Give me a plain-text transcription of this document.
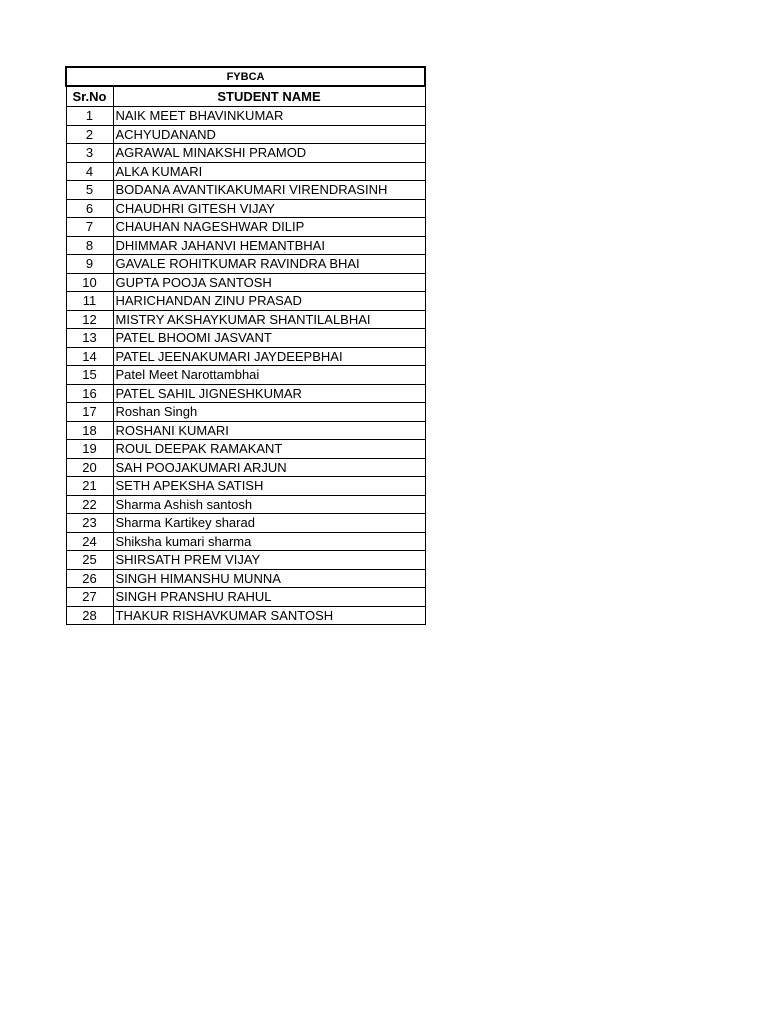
FYBCA	
Sr.No	STUDENT NAME
1	NAIK MEET BHAVINKUMAR
2	ACHYUDANAND
3	AGRAWAL MINAKSHI PRAMOD
4	ALKA KUMARI
5	BODANA AVANTIKAKUMARI VIRENDRASINH
6	CHAUDHRI GITESH VIJAY
7	CHAUHAN NAGESHWAR DILIP
8	DHIMMAR JAHANVI HEMANTBHAI
9	GAVALE ROHITKUMAR RAVINDRA BHAI
10	GUPTA POOJA SANTOSH
11	HARICHANDAN ZINU PRASAD
12	MISTRY AKSHAYKUMAR SHANTILALBHAI
13	PATEL BHOOMI JASVANT
14	PATEL JEENAKUMARI JAYDEEPBHAI
15	Patel Meet Narottambhai
16	PATEL SAHIL JIGNESHKUMAR
17	Roshan Singh
18	ROSHANI KUMARI
19	ROUL DEEPAK RAMAKANT
20	SAH POOJAKUMARI ARJUN
21	SETH APEKSHA SATISH
22	Sharma Ashish santosh
23	Sharma Kartikey sharad
24	Shiksha kumari sharma
25	SHIRSATH PREM VIJAY
26	SINGH HIMANSHU MUNNA
27	SINGH PRANSHU RAHUL
28	THAKUR RISHAVKUMAR SANTOSH
